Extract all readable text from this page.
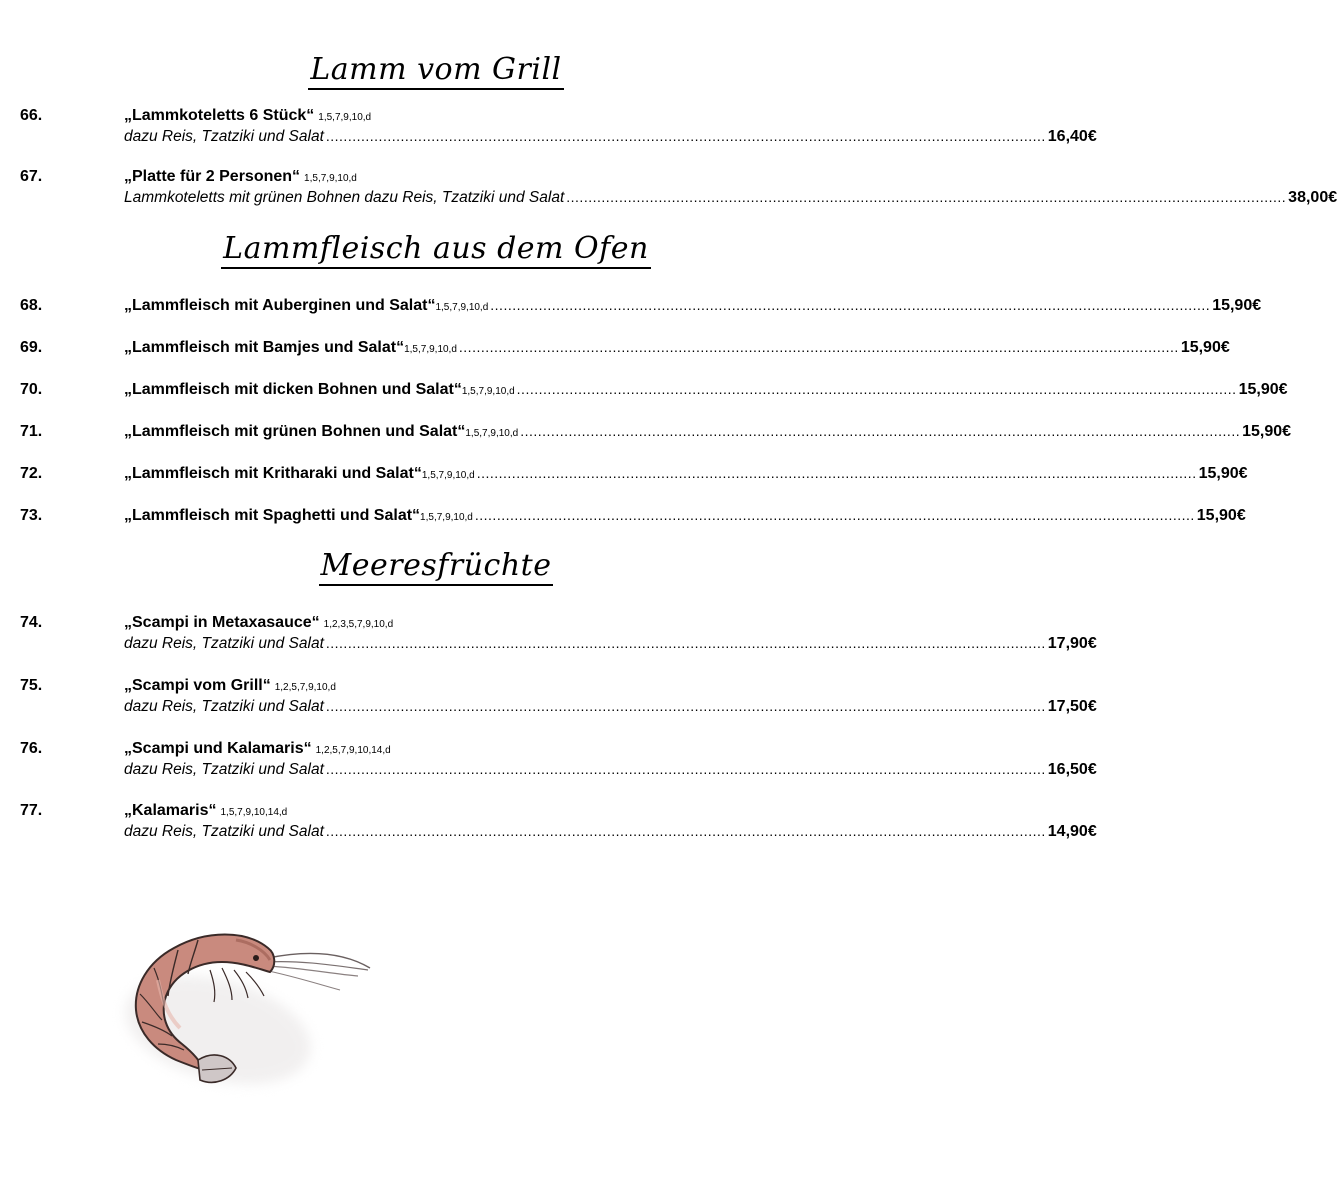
Lamm vom Grill
66.	„Lammkoteletts 6 Stück“ 1,5,7,9,10,d
dazu Reis, Tzatziki und Salat .................................................................................................................................................................... 16,40€
67.	„Platte für 2 Personen“ 1,5,7,9,10,d
Lammkoteletts mit grünen Bohnen dazu Reis, Tzatziki und Salat .................................................................................................................................................................... 38,00€
Lammfleisch aus dem Ofen
68.	„Lammfleisch mit Auberginen und Salat“ 1,5,7,9,10,d .................................................................................................................................................................... 15,90€
69.	„Lammfleisch mit Bamjes und Salat“ 1,5,7,9,10,d .................................................................................................................................................................... 15,90€
70.	„Lammfleisch mit dicken Bohnen und Salat“ 1,5,7,9,10,d .................................................................................................................................................................... 15,90€
71.	„Lammfleisch mit grünen Bohnen und Salat“ 1,5,7,9,10,d .................................................................................................................................................................... 15,90€
72.	„Lammfleisch mit Kritharaki und Salat“ 1,5,7,9,10,d .................................................................................................................................................................... 15,90€
73.	„Lammfleisch mit Spaghetti und Salat“ 1,5,7,9,10,d .................................................................................................................................................................... 15,90€
Meeresfrüchte
74.	„Scampi in Metaxasauce“ 1,2,3,5,7,9,10,d
dazu Reis, Tzatziki und Salat .................................................................................................................................................................... 17,90€
75.	„Scampi vom Grill“ 1,2,5,7,9,10,d
dazu Reis, Tzatziki und Salat .................................................................................................................................................................... 17,50€
76.	„Scampi und Kalamaris“ 1,2,5,7,9,10,14,d
dazu Reis, Tzatziki und Salat .................................................................................................................................................................... 16,50€
77.	„Kalamaris“ 1,5,7,9,10,14,d
dazu Reis, Tzatziki und Salat .................................................................................................................................................................... 14,90€
